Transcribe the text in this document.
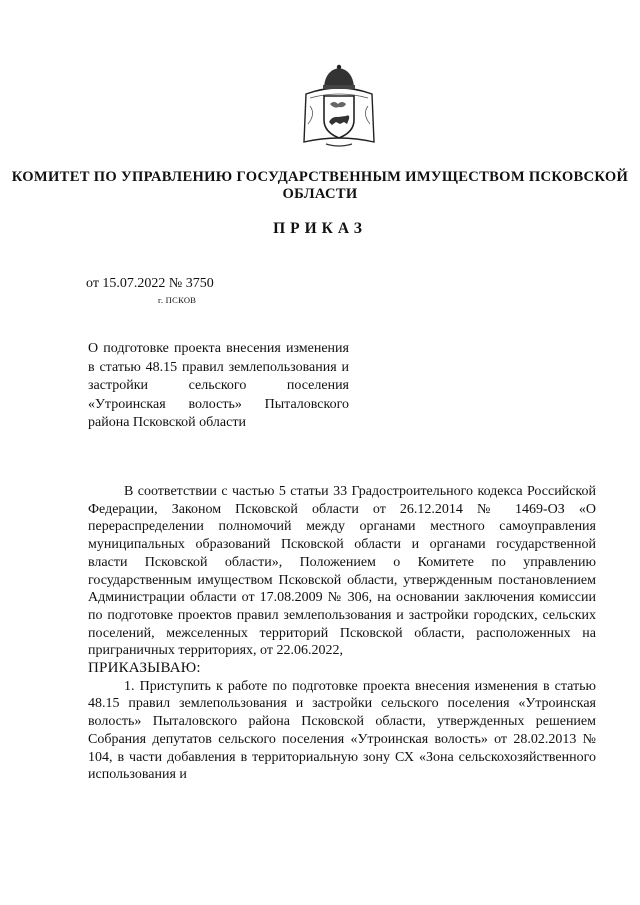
КОМИТЕТ ПО УПРАВЛЕНИЮ ГОСУДАРСТВЕННЫМ ИМУЩЕСТВОМ ПСКОВСКОЙ ОБЛАСТИ
ПРИКАЗ
от 15.07.2022 № 3750
г. ПСКОВ
О подготовке проекта внесения изменения в статью 48.15 правил землепользования и застройки сельского поселения «Утроинская волость» Пыталовского района Псковской области

В соответствии с частью 5 статьи 33 Градостроительного кодекса Российской Федерации, Законом Псковской области от 26.12.2014 № 1469-ОЗ «О перераспределении полномочий между органами местного самоуправления муниципальных образований Псковской области и органами государственной власти Псковской области», Положением о Комитете по управлению государственным имуществом Псковской области, утвержденным постановлением Администрации области от 17.08.2009 № 306, на основании заключения комиссии по подготовке проектов правил землепользования и застройки городских, сельских поселений, межселенных территорий Псковской области, расположенных на приграничных территориях, от 22.06.2022,

ПРИКАЗЫВАЮ:

1. Приступить к работе по подготовке проекта внесения изменения в статью 48.15 правил землепользования и застройки сельского поселения «Утроинская волость» Пыталовского района Псковской области, утвержденных решением Собрания депутатов сельского поселения «Утроинская волость» от 28.02.2013 № 104, в части добавления в территориальную зону СХ «Зона сельскохозяйственного использования и
